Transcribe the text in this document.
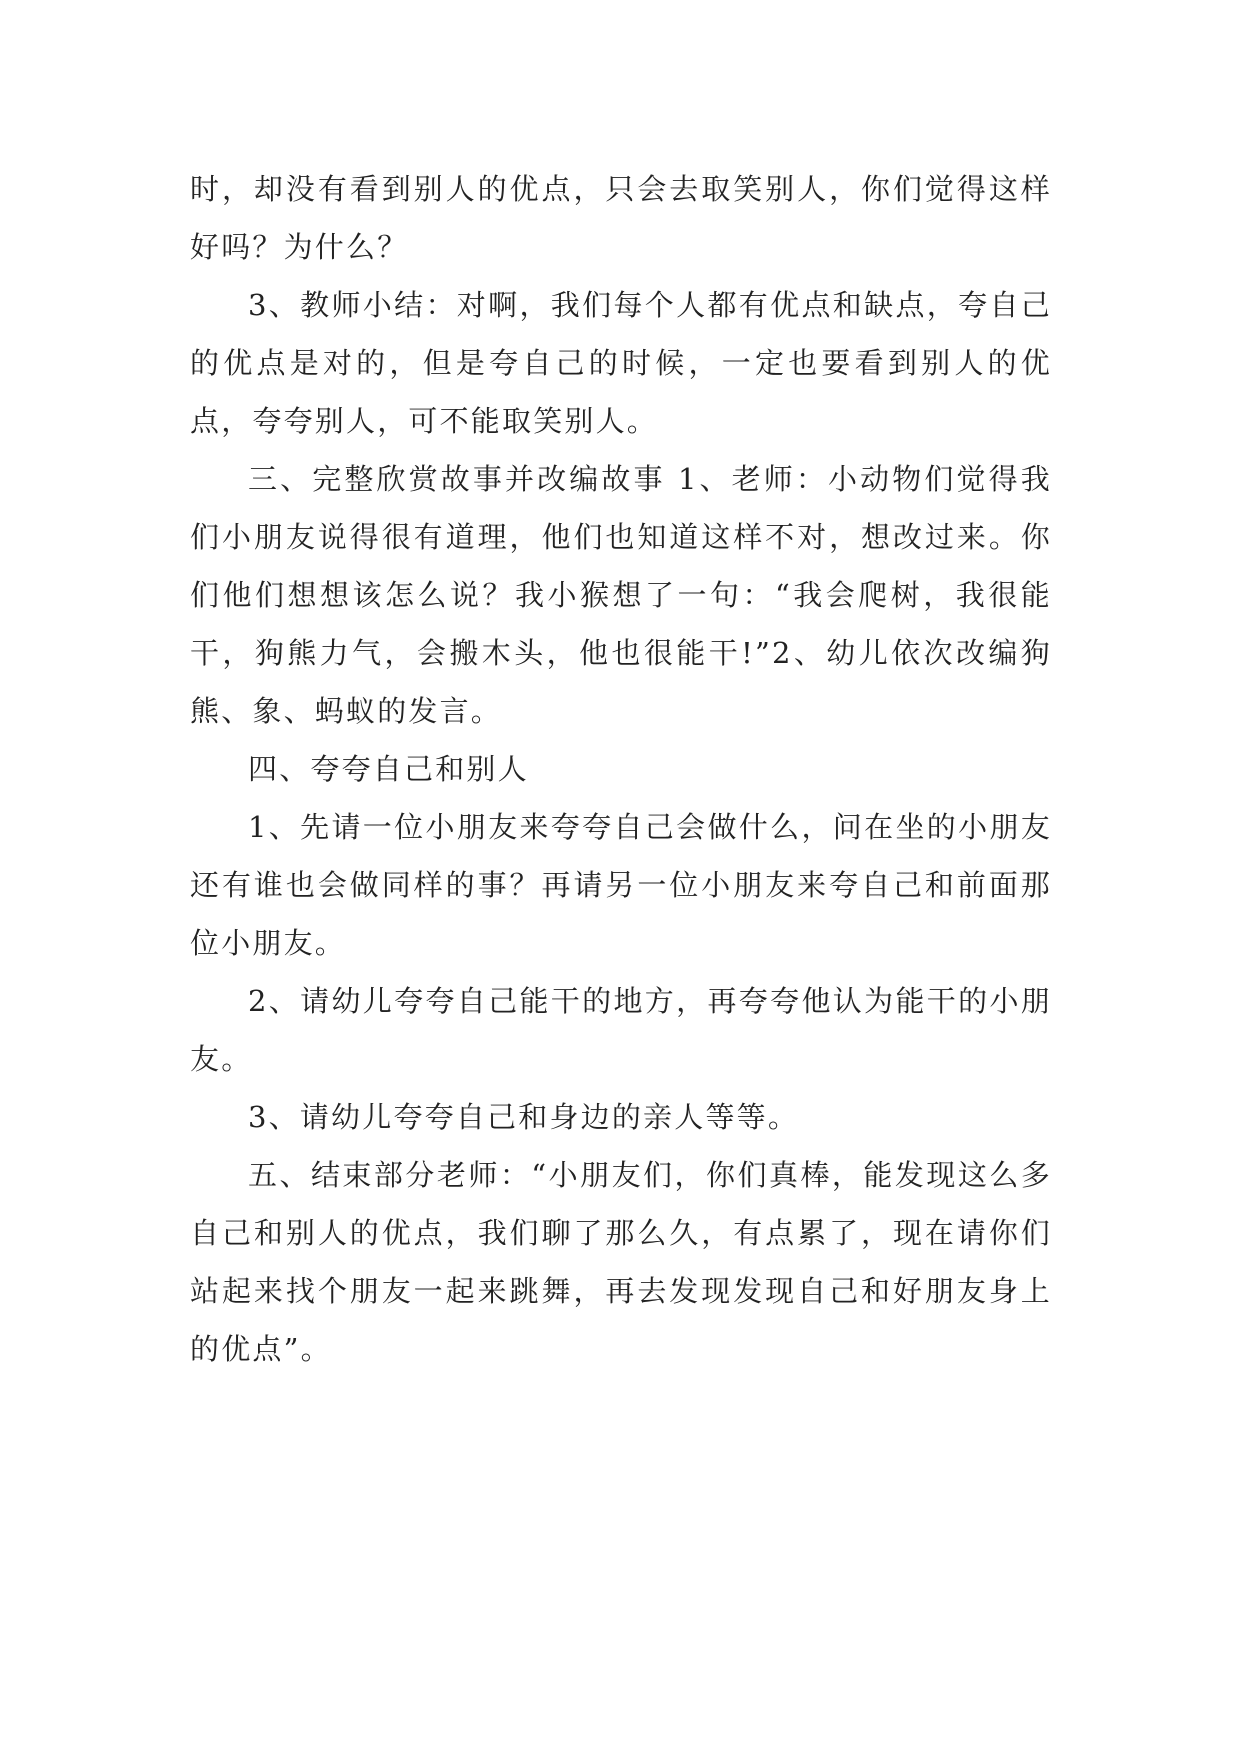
时，却没有看到别人的优点，只会去取笑别人，你们觉得这样好吗？为什么？

3、教师小结：对啊，我们每个人都有优点和缺点，夸自己的优点是对的，但是夸自己的时候，一定也要看到别人的优点，夸夸别人，可不能取笑别人。

三、完整欣赏故事并改编故事 1、老师：小动物们觉得我们小朋友说得很有道理，他们也知道这样不对，想改过来。你们他们想想该怎么说？我小猴想了一句：“我会爬树，我很能干，狗熊力气，会搬木头，他也很能干!”2、幼儿依次改编狗熊、象、蚂蚁的发言。

四、夸夸自己和别人

1、先请一位小朋友来夸夸自己会做什么，问在坐的小朋友还有谁也会做同样的事？再请另一位小朋友来夸自己和前面那位小朋友。

2、请幼儿夸夸自己能干的地方，再夸夸他认为能干的小朋友。

3、请幼儿夸夸自己和身边的亲人等等。

五、结束部分老师：“小朋友们，你们真棒，能发现这么多自己和别人的优点，我们聊了那么久，有点累了，现在请你们站起来找个朋友一起来跳舞，再去发现发现自己和好朋友身上的优点”。
